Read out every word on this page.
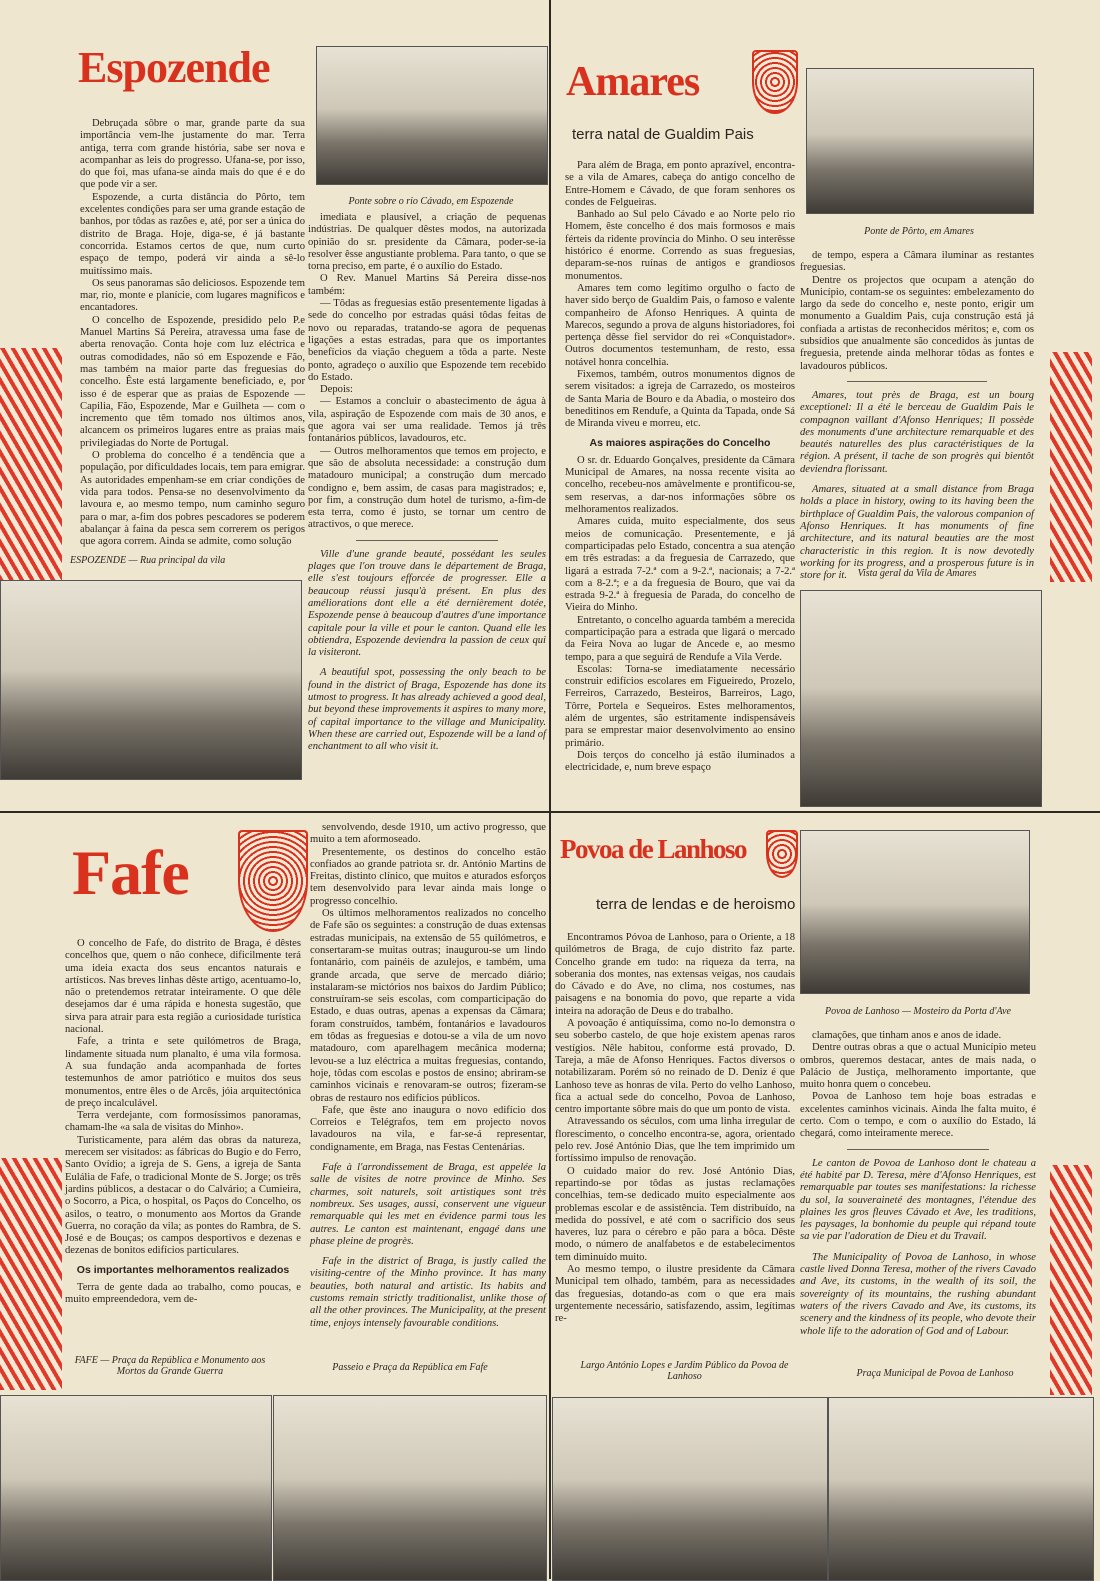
Espozende
Ponte sobre o rio Cávado, em Espozende

Debruçada sôbre o mar, grande parte da sua importância vem-lhe justamente do mar. Terra antiga, terra com grande história, sabe ser nova e acompanhar as leis do progresso. Ufana-se, por isso, do que foi, mas ufana-se ainda mais do que é e do que pode vir a ser.

Espozende, a curta distância do Pôrto, tem excelentes condições para ser uma grande estação de banhos, por tôdas as razões e, até, por ser a única do distrito de Braga. Hoje, diga-se, é já bastante concorrida. Estamos certos de que, num curto espaço de tempo, poderá vir ainda a sê-lo muitíssimo mais.

Os seus panoramas são deliciosos. Espozende tem mar, rio, monte e planície, com lugares magníficos e encantadores.

O concelho de Espozende, presidido pelo P.e Manuel Martins Sá Pereira, atravessa uma fase de aberta renovação. Conta hoje com luz eléctrica e outras comodidades, não só em Espozende e Fão, mas também na maior parte das freguesias do concelho. Êste está largamente beneficiado, e, por isso é de esperar que as praias de Espozende — Capilia, Fão, Espozende, Mar e Guilheta — com o incremento que têm tomado nos últimos anos, alcancem os primeiros lugares entre as praias mais privilegiadas do Norte de Portugal.

O problema do concelho é a tendência que a população, por dificuldades locais, tem para emigrar. As autoridades empenham-se em criar condições de vida para todos. Pensa-se no desenvolvimento da lavoura e, ao mesmo tempo, num caminho seguro para o mar, a-fim dos pobres pescadores se poderem abalançar à faina da pesca sem correrem os perigos que agora correm. Ainda se admite, como solução

imediata e plausível, a criação de pequenas indústrias. De qualquer dêstes modos, na autorizada opinião do sr. presidente da Câmara, poder-se-ia resolver êsse angustiante problema. Para tanto, o que se torna preciso, em parte, é o auxílio do Estado.

O Rev. Manuel Martins Sá Pereira disse-nos também:

— Tôdas as freguesias estão presentemente ligadas à sede do concelho por estradas quási tôdas feitas de novo ou reparadas, tratando-se agora de pequenas ligações a estas estradas, para que os importantes benefícios da viação cheguem a tôda a parte. Neste ponto, agradeço o auxílio que Espozende tem recebido do Estado.

Depois:

— Estamos a concluir o abastecimento de água à vila, aspiração de Espozende com mais de 30 anos, e que agora vai ser uma realidade. Temos já três fontanários públicos, lavadouros, etc.

— Outros melhoramentos que temos em projecto, e que são de absoluta necessidade: a construção dum matadouro municipal; a construção dum mercado condigno e, bem assim, de casas para magistrados; e, por fim, a construção dum hotel de turismo, a-fim-de esta terra, como é justo, se tornar um centro de atractivos, o que merece.

Ville d'une grande beauté, possédant les seules plages que l'on trouve dans le département de Braga, elle s'est toujours efforcée de progresser. Elle a beaucoup réussi jusqu'à présent. En plus des améliorations dont elle a été dernièrement dotée, Espozende pense à beaucoup d'autres d'une importance capitale pour la ville et pour le canton. Quand elle les obtiendra, Espozende deviendra la passion de ceux qui la visiteront.

A beautiful spot, possessing the only beach to be found in the district of Braga, Espozende has done its utmost to progress. It has already achieved a good deal, but beyond these improvements it aspires to many more, of capital importance to the village and Municipality. When these are carried out, Espozende will be a land of enchantment to all who visit it.

ESPOZENDE — Rua principal da vila
Amares
terra natal de Gualdim Pais
Ponte de Pôrto, em Amares

Para além de Braga, em ponto aprazível, encontra-se a vila de Amares, cabeça do antigo concelho de Entre-Homem e Cávado, de que foram senhores os condes de Felgueiras.

Banhado ao Sul pelo Cávado e ao Norte pelo rio Homem, êste concelho é dos mais formosos e mais férteis da ridente província do Minho. O seu interêsse histórico é enorme. Correndo as suas freguesias, deparam-se-nos ruínas de antigos e grandiosos monumentos.

Amares tem como legítimo orgulho o facto de haver sido berço de Gualdim Pais, o famoso e valente companheiro de Afonso Henriques. A quinta de Marecos, segundo a prova de alguns historiadores, foi pertença dêsse fiel servidor do rei «Conquistador». Outros documentos testemunham, de resto, essa notável honra concelhia.

Fixemos, também, outros monumentos dignos de serem visitados: a igreja de Carrazedo, os mosteiros de Santa Maria de Bouro e da Abadia, o mosteiro dos beneditinos em Rendufe, a Quinta da Tapada, onde Sá de Miranda viveu e morreu, etc.

As maiores aspirações do Concelho

O sr. dr. Eduardo Gonçalves, presidente da Câmara Municipal de Amares, na nossa recente visita ao concelho, recebeu-nos amàvelmente e prontificou-se, sem reservas, a dar-nos informações sôbre os melhoramentos realizados.

Amares cuida, muito especialmente, dos seus meios de comunicação. Presentemente, e já comparticipadas pelo Estado, concentra a sua atenção em três estradas: a da freguesia de Carrazedo, que ligará a estrada 7-2.ª com a 9-2.ª, nacionais; a 7-2.ª com a 8-2.ª; e a da freguesia de Bouro, que vai da estrada 9-2.ª à freguesia de Parada, do concelho de Vieira do Minho.

Entretanto, o concelho aguarda também a merecida comparticipação para a estrada que ligará o mercado da Feira Nova ao lugar de Ancede e, ao mesmo tempo, para a que seguirá de Rendufe a Vila Verde.

Escolas: Torna-se imediatamente necessário construir edifícios escolares em Figueiredo, Prozelo, Ferreiros, Carrazedo, Besteiros, Barreiros, Lago, Tôrre, Portela e Sequeiros. Estes melhoramentos, além de urgentes, são estritamente indispensáveis para se emprestar maior desenvolvimento ao ensino primário.

Dois terços do concelho já estão iluminados a electricidade, e, num breve espaço

de tempo, espera a Câmara iluminar as restantes freguesias.

Dentre os projectos que ocupam a atenção do Município, contam-se os seguintes: embelezamento do largo da sede do concelho e, neste ponto, erigir um monumento a Gualdim Pais, cuja construção está já confiada a artistas de reconhecidos méritos; e, com os subsídios que anualmente são concedidos às juntas de freguesia, pretende ainda melhorar tôdas as fontes e lavadouros públicos.

Amares, tout près de Braga, est un bourg exceptionel: Il a été le berceau de Gualdim Pais le compagnon vaillant d'Afonso Henriques; Il possède des monuments d'une architecture remarquable et des beautés naturelles des plus caractéristiques de la région. A présent, il tache de son progrès qui bientôt deviendra florissant.

Amares, situated at a small distance from Braga holds a place in history, owing to its having been the birthplace of Gualdim Pais, the valorous companion of Afonso Henriques. It has monuments of fine architecture, and its natural beauties are the most characteristic in this region. It is now devotedly working for its progress, and a prosperous future is in store for it.	Vista geral da Vila de Amares
Fafe

O concelho de Fafe, do distrito de Braga, é dêstes concelhos que, quem o não conhece, dificilmente terá uma ideia exacta dos seus encantos naturais e artísticos. Nas breves linhas dêste artigo, acentuamo-lo, não o pretendemos retratar inteiramente. O que dêle desejamos dar é uma rápida e honesta sugestão, que sirva para atrair para esta região a curiosidade turística nacional.

Fafe, a trinta e sete quilómetros de Braga, lindamente situada num planalto, é uma vila formosa. A sua fundação anda acompanhada de fortes testemunhos de amor patriótico e muitos dos seus monumentos, entre êles o de Arcês, jóia arquitectónica de preço incalculável.

Terra verdejante, com formosíssimos panoramas, chamam-lhe «a sala de visitas do Minho».

Turisticamente, para além das obras da natureza, merecem ser visitados: as fábricas do Bugio e do Ferro, Santo Ovídio; a igreja de S. Gens, a igreja de Santa Eulália de Fafe, o tradicional Monte de S. Jorge; os três jardins públicos, a destacar o do Calvário; a Cumieira, o Socorro, a Pica, o hospital, os Paços do Concelho, os asilos, o teatro, o monumento aos Mortos da Grande Guerra, no coração da vila; as pontes do Rambra, de S. José e de Bouças; os campos desportivos e dezenas e dezenas de bonitos edifícios particulares.

Os importantes melhoramentos realizados

Terra de gente dada ao trabalho, como poucas, e muito empreendedora, vem de-

senvolvendo, desde 1910, um activo progresso, que muito a tem aformoseado.

Presentemente, os destinos do concelho estão confiados ao grande patriota sr. dr. António Martins de Freitas, distinto clínico, que muitos e aturados esforços tem desenvolvido para levar ainda mais longe o progresso concelhio.

Os últimos melhoramentos realizados no concelho de Fafe são os seguintes: a construção de duas extensas estradas municipais, na extensão de 55 quilómetros, e consertaram-se muitas outras; inaugurou-se um lindo fontanário, com painéis de azulejos, e também, uma grande arcada, que serve de mercado diário; instalaram-se mictórios nos baixos do Jardim Público; construíram-se seis escolas, com comparticipação do Estado, e duas outras, apenas a expensas da Câmara; foram construídos, também, fontanários e lavadouros em tôdas as freguesias e dotou-se a vila de um novo matadouro, com aparelhagem mecânica moderna; levou-se a luz eléctrica a muitas freguesias, contando, hoje, tôdas com escolas e postos de ensino; abriram-se caminhos vicinais e renovaram-se outros; fizeram-se obras de restauro nos edifícios públicos.

Fafe, que êste ano inaugura o novo edifício dos Correios e Telégrafos, tem em projecto novos lavadouros na vila, e far-se-á representar, condignamente, em Braga, nas Festas Centenárias.

Fafe à l'arrondissement de Braga, est appelée la salle de visites de notre province de Minho. Ses charmes, soit naturels, soit artistiques sont très nombreux. Ses usages, aussi, conservent une vigueur remarquable qui les met en évidence parmi tous les autres. Le canton est maintenant, engagé dans une phase pleine de progrès.

Fafe in the district of Braga, is justly called the visiting-centre of the Minho province. It has many beauties, both natural and artistic. Its habits and customs remain strictly traditionalist, unlike those of all the other provinces. The Municipality, at the present time, enjoys intensely favourable conditions.

FAFE — Praça da República e Monumento aos Mortos da Grande Guerra	Passeio e Praça da República em Fafe
Povoa de Lanhoso
terra de lendas e de heroismo
Povoa de Lanhoso — Mosteiro da Porta d'Ave

Encontramos Póvoa de Lanhoso, para o Oriente, a 18 quilómetros de Braga, de cujo distrito faz parte. Concelho grande em tudo: na riqueza da terra, na soberania dos montes, nas extensas veigas, nos caudais do Cávado e do Ave, no clima, nos costumes, nas paisagens e na bonomia do povo, que reparte a vida inteira na adoração de Deus e do trabalho.

A povoação é antiquíssima, como no-lo demonstra o seu soberbo castelo, de que hoje existem apenas raros vestígios. Nêle habitou, conforme está provado, D. Tareja, a mãe de Afonso Henriques. Factos diversos o notabilizaram. Porém só no reinado de D. Deniz é que Lanhoso teve as honras de vila. Perto do velho Lanhoso, fica a actual sede do concelho, Povoa de Lanhoso, centro importante sôbre mais do que um ponto de vista.

Atravessando os séculos, com uma linha irregular de florescimento, o concelho encontra-se, agora, orientado pelo rev. José António Dias, que lhe tem imprimido um fortíssimo impulso de renovação.

O cuidado maior do rev. José António Dias, repartindo-se por tôdas as justas reclamações concelhias, tem-se dedicado muito especialmente aos problemas escolar e de assistência. Tem distribuído, na medida do possível, e até com o sacrifício dos seus haveres, luz para o cérebro e pão para a bôca. Dêste modo, o número de analfabetos e de estabelecimentos tem diminuído muito.

Ao mesmo tempo, o ilustre presidente da Câmara Municipal tem olhado, também, para as necessidades das freguesias, dotando-as com o que era mais urgentemente necessário, satisfazendo, assim, legítimas re-

clamações, que tinham anos e anos de idade.

Dentre outras obras a que o actual Município meteu ombros, queremos destacar, antes de mais nada, o Palácio de Justiça, melhoramento importante, que muito honra quem o concebeu.

Povoa de Lanhoso tem hoje boas estradas e excelentes caminhos vicinais. Ainda lhe falta muito, é certo. Com o tempo, e com o auxílio do Estado, lá chegará, como inteiramente merece.

Le canton de Povoa de Lanhoso dont le chateau a été habité par D. Teresa, mère d'Afonso Henriques, est remarquable par toutes ses manifestations: la richesse du sol, la souveraineté des montagnes, l'étendue des plaines les gros fleuves Cávado et Ave, les traditions, les paysages, la bonhomie du peuple qui répand toute sa vie par l'adoration de Dieu et du Travail.

The Municipality of Povoa de Lanhoso, in whose castle lived Donna Teresa, mother of the rivers Cavado and Ave, its customs, in the wealth of its soil, the sovereignty of its mountains, the rushing abundant waters of the rivers Cavado and Ave, its customs, its scenery and the kindness of its people, who devote their whole life to the adoration of God and of Labour.

Largo António Lopes e Jardim Público da Povoa de Lanhoso	Praça Municipal de Povoa de Lanhoso
